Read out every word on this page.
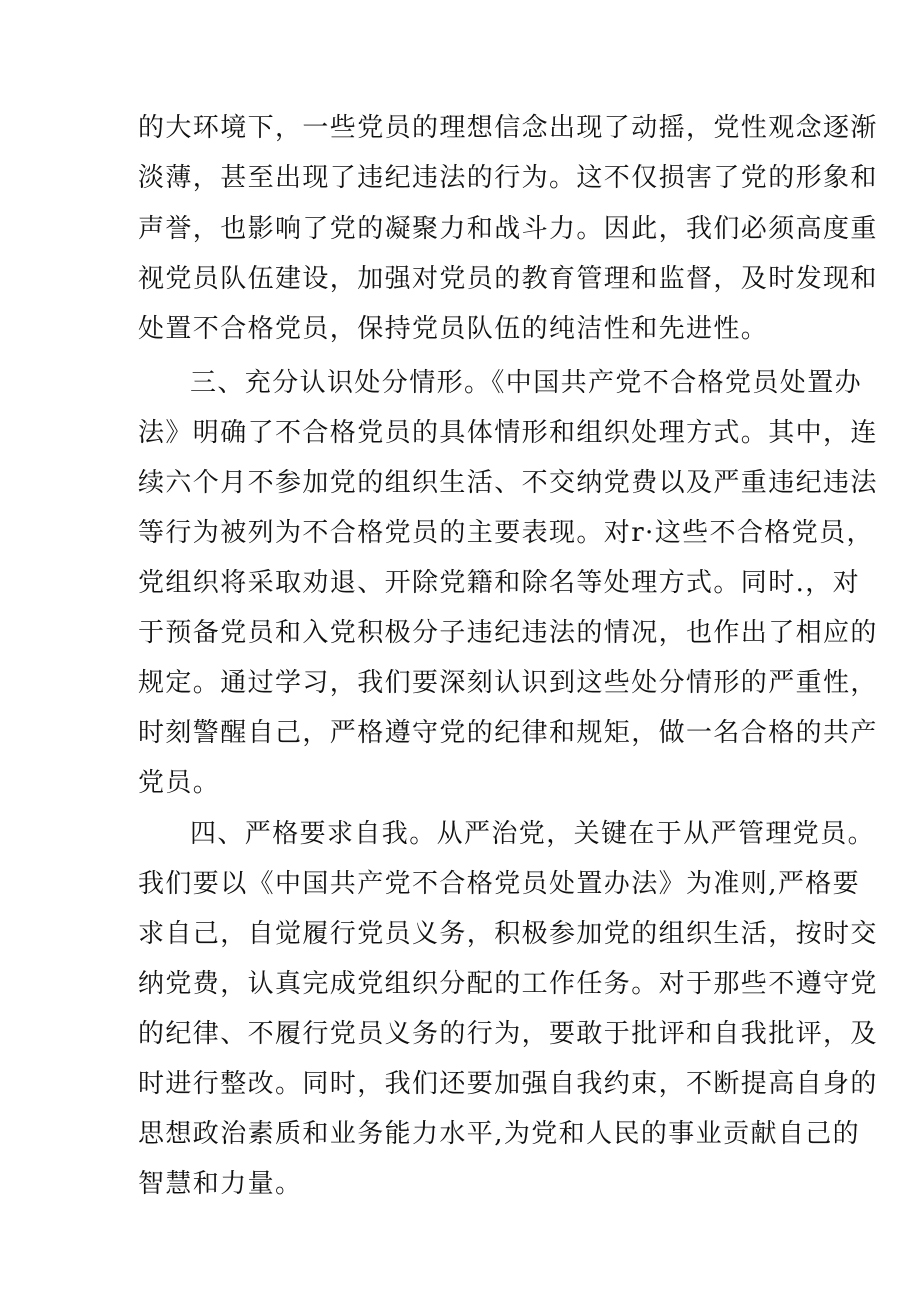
的大环境下，一些党员的理想信念出现了动摇，党性观念逐渐
淡薄，甚至出现了违纪违法的行为。这不仅损害了党的形象和
声誉，也影响了党的凝聚力和战斗力。因此，我们必须高度重
视党员队伍建设，加强对党员的教育管理和监督，及时发现和
处置不合格党员，保持党员队伍的纯洁性和先进性。
三、充分认识处分情形。《中国共产党不合格党员处置办
法》明确了不合格党员的具体情形和组织处理方式。其中，连
续六个月不参加党的组织生活、不交纳党费以及严重违纪违法
等行为被列为不合格党员的主要表现。对r·这些不合格党员，
党组织将采取劝退、开除党籍和除名等处理方式。同时.，对
于预备党员和入党积极分子违纪违法的情况，也作出了相应的
规定。通过学习，我们要深刻认识到这些处分情形的严重性，
时刻警醒自己，严格遵守党的纪律和规矩，做一名合格的共产
党员。
四、严格要求自我。从严治党，关键在于从严管理党员。
我们要以《中国共产党不合格党员处置办法》为准则,严格要
求自己，自觉履行党员义务，积极参加党的组织生活，按时交
纳党费，认真完成党组织分配的工作任务。对于那些不遵守党
的纪律、不履行党员义务的行为，要敢于批评和自我批评，及
时进行整改。同时，我们还要加强自我约束，不断提高自身的
思想政治素质和业务能力水平,为党和人民的事业贡献自己的
智慧和力量。
